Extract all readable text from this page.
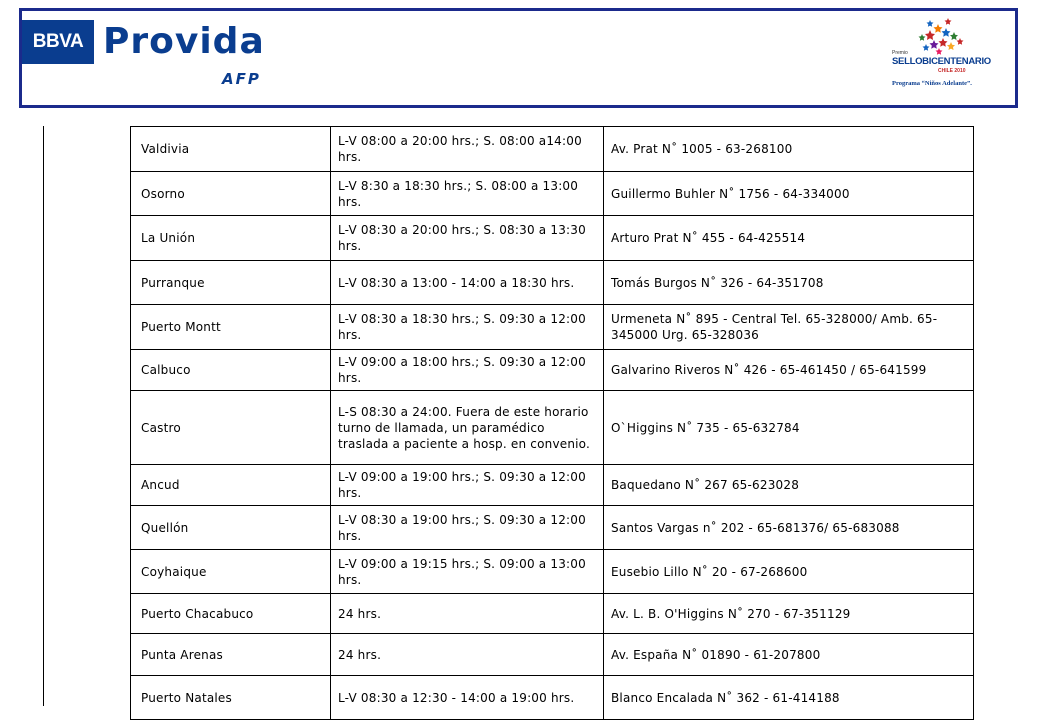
BBVA Provida
AFP
Premio
SELLOBICENTENARIO
CHILE 2010
Programa “Niños Adelante”.
Valdivia	L-V 08:00 a 20:00 hrs.; S. 08:00 a14:00 hrs.	Av. Prat N˚ 1005 - 63-268100
Osorno	L-V 8:30 a 18:30 hrs.; S. 08:00 a 13:00 hrs.	Guillermo Buhler N˚ 1756 - 64-334000
La Unión	L-V 08:30 a 20:00 hrs.; S. 08:30 a 13:30 hrs.	Arturo Prat N˚ 455 - 64-425514
Purranque	L-V 08:30 a 13:00 - 14:00 a 18:30 hrs.	Tomás Burgos N˚ 326 - 64-351708
Puerto Montt	L-V 08:30 a 18:30 hrs.; S. 09:30 a 12:00 hrs.	Urmeneta N˚ 895 - Central Tel. 65-328000/ Amb. 65-345000 Urg. 65-328036
Calbuco	L-V 09:00 a 18:00 hrs.; S. 09:30 a 12:00 hrs.	Galvarino Riveros N˚ 426 - 65-461450 / 65-641599
Castro	L-S 08:30 a 24:00. Fuera de este horario turno de llamada, un paramédico traslada a paciente a hosp. en convenio.	O`Higgins N˚ 735 - 65-632784
Ancud	L-V 09:00 a 19:00 hrs.; S. 09:30 a 12:00 hrs.	Baquedano N˚ 267 65-623028
Quellón	L-V 08:30 a 19:00 hrs.; S. 09:30 a 12:00 hrs.	Santos Vargas n˚ 202 - 65-681376/ 65-683088
Coyhaique	L-V 09:00 a 19:15 hrs.; S. 09:00 a 13:00 hrs.	Eusebio Lillo N˚ 20 - 67-268600
Puerto Chacabuco	24 hrs.	Av. L. B. O'Higgins N˚ 270 - 67-351129
Punta Arenas	24 hrs.	Av. España N˚ 01890 - 61-207800
Puerto Natales	L-V 08:30 a 12:30 - 14:00 a 19:00 hrs.	Blanco Encalada N˚ 362 - 61-414188
